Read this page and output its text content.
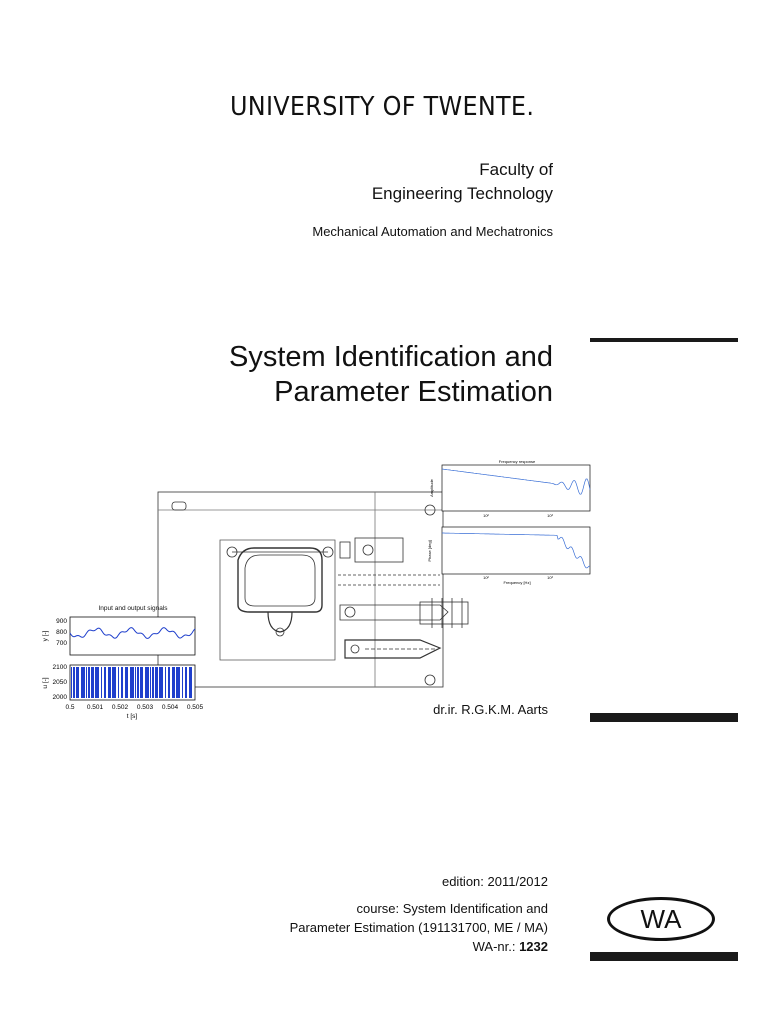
UNIVERSITY OF TWENTE.
Faculty of
Engineering Technology
Mechanical Automation and Mechatronics
System Identification and
Parameter Estimation
Input and output signals
900
800
700
y [-]
2100
2050
2000
u [-]
0.5 0.501 0.502 0.503 0.504 0.505
t [s]
Frequency response
Amplitude
10²	10³
Phase [deg]
10²	10³
Frequency [Hz]
dr.ir. R.G.K.M. Aarts
edition: 2011/2012
course: System Identification and
Parameter Estimation (191131700, ME / MA)
WA-nr.: 1232
WA
